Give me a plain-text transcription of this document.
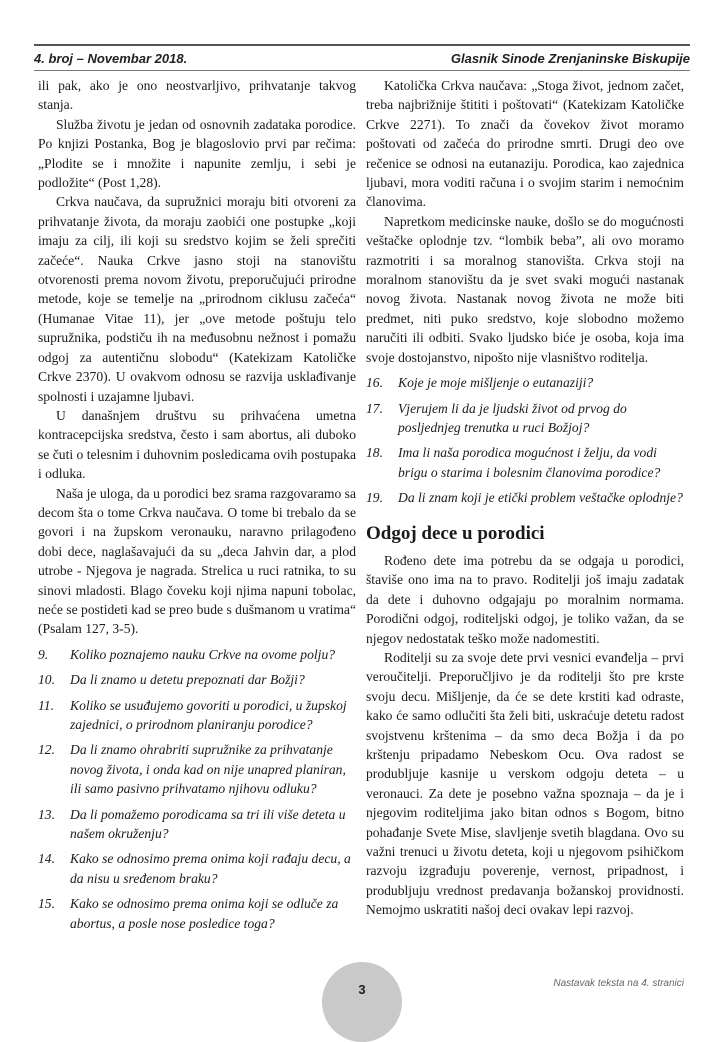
4. broj – Novembar 2018.	Glasnik Sinode Zrenjaninske Biskupije

ili pak, ako je ono neostvarljivo, prihvatanje takvog stanja.

Služba životu je jedan od osnovnih zadataka porodice. Po knjizi Postanka, Bog je blagoslovio prvi par rečima: „Plodite se i množite i napunite zemlju, i sebi je podložite“ (Post 1,28).

Crkva naučava, da supružnici moraju biti otvoreni za prihvatanje života, da moraju zaobići one postupke „koji imaju za cilj, ili koji su sredstvo kojim se želi sprečiti začeće“. Nauka Crkve jasno stoji na stanovištu otvorenosti prema novom životu, preporučujući prirodne metode, koje se temelje na „prirodnom ciklusu začeća“ (Humanae Vitae 11), jer „ove metode poštuju telo supružnika, podstiču ih na međusobnu nežnost i pomažu odgoj za autentičnu slobodu“ (Katekizam Katoličke Crkve 2370). U ovakvom odnosu se razvija usklađivanje spolnosti i uzajamne ljubavi.

U današnjem društvu su prihvaćena umetna kontracepcijska sredstva, često i sam abortus, ali duboko se čuti o telesnim i duhovnim posledicama ovih postupaka i odluka.

Naša je uloga, da u porodici bez srama razgovaramo sa decom šta o tome Crkva naučava. O tome bi trebalo da se govori i na župskom veronauku, naravno prilagođeno dobi dece, naglašavajući da su „deca Jahvin dar, a plod utrobe - Njegova je nagrada. Strelica u ruci ratnika, to su sinovi mladosti. Blago čoveku koji njima napuni tobolac, neće se postideti kad se preo bude s dušmanom u vratima“ (Psalam 127, 3-5).

9.	Koliko poznajemo nauku Crkve na ovome polju?
10.	Da li znamo u detetu prepoznati dar Božji?
11.	Koliko se usuđujemo govoriti u porodici, u župskoj zajednici, o prirodnom planiranju porodice?
12.	Da li znamo ohrabriti supružnike za prihvatanje novog života, i onda kad on nije unapred planiran, ili samo pasivno prihvatamo njihovu odluku?
13.	Da li pomažemo porodicama sa tri ili više deteta u našem okruženju?
14.	Kako se odnosimo prema onima koji rađaju decu, a da nisu u sređenom braku?
15.	Kako se odnosimo prema onima koji se odluče za abortus, a posle nose posledice toga?

Katolička Crkva naučava: „Stoga život, jednom začet, treba najbrižnije štititi i poštovati“ (Katekizam Katoličke Crkve 2271). To znači da čovekov život moramo poštovati od začeća do prirodne smrti. Drugi deo ove rečenice se odnosi na eutanaziju. Porodica, kao zajednica ljubavi, mora voditi računa i o svojim starim i nemoćnim članovima.

Napretkom medicinske nauke, došlo se do mogućnosti veštačke oplodnje tzv. “lombik beba”, ali ovo moramo razmotriti i sa moralnog stanovišta. Crkva stoji na moralnom stanovištu da je svet svaki mogući nastanak novog života. Nastanak novog života ne može biti predmet, niti puko sredstvo, koje slobodno možemo naručiti ili odbiti. Svako ljudsko biće je osoba, koja ima svoje dostojanstvo, nipošto nije vlasništvo roditelja.

16.	Koje je moje mišljenje o eutanaziji?
17.	Vjerujem li da je ljudski život od prvog do posljednjeg trenutka u ruci Božjoj?
18.	Ima li naša porodica mogućnost i želju, da vodi brigu o starima i bolesnim članovima porodice?
19.	Da li znam koji je etički problem veštačke oplodnje?
Odgoj dece u porodici

Rođeno dete ima potrebu da se odgaja u porodici, štaviše ono ima na to pravo. Roditelji još imaju zadatak da dete i duhovno odgajaju po moralnim normama. Porodični odgoj, roditeljski odgoj, je toliko važan, da se njegov nedostatak teško može nadomestiti.

Roditelji su za svoje dete prvi vesnici evanđelja – prvi veroučitelji. Preporučljivo je da roditelji što pre krste svoju decu. Mišljenje, da će se dete krstiti kad odraste, kako će samo odlučiti šta želi biti, uskraćuje detetu radost svojstvenu krštenima – da smo deca Božja i da po krštenju pripadamo Nebeskom Ocu. Ova radost se produbljuje kasnije u verskom odgoju deteta – u veronauci. Za dete je posebno važna spoznaja – da je i njegovim roditeljima jako bitan odnos s Bogom, bitno pohađanje Svete Mise, slavljenje svetih blagdana. Ovo su važni trenuci u životu deteta, koji u njegovom psihičkom razvoju izgrađuju poverenje, vernost, pripadnost, i produbljuju vrednost predavanja božanskoj providnosti. Nemojmo uskratiti našoj deci ovakav lepi razvoj.

Nastavak teksta na 4. stranici
3
